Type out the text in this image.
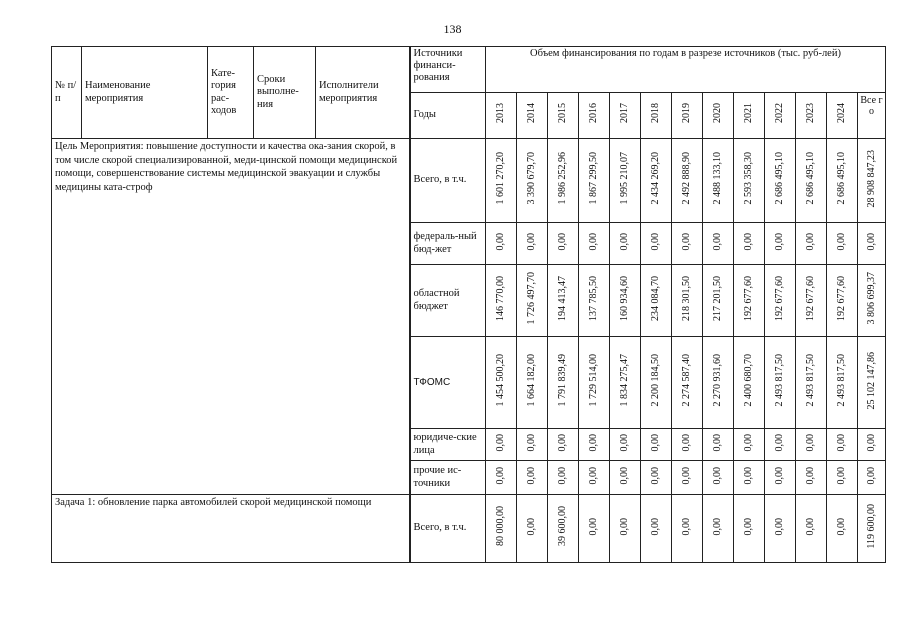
138
№ п/п	Наименование мероприятия	Кате-гория рас-ходов	Сроки выполне-ния	Исполнители мероприятия	Источники финанси-рования	Объем финансирования по годам в разрезе источников (тыс. руб-лей)												
					Годы	2013	2014	2015	2016	2017	2018	2019	2020	2021	2022	2023	2024	Все го
Цель Мероприятия: повышение доступности и качества ока-зания скорой, в том числе скорой специализированной, меди-цинской помощи медицинской помощи, совершенствование системы медицинской эвакуации и службы медицины ката-строф					Всего, в т.ч.	1 601 270,20	3 390 679,70	1 986 252,96	1 867 299,50	1 995 210,07	2 434 269,20	2 492 888,90	2 488 133,10	2 593 358,30	2 686 495,10	2 686 495,10	2 686 495,10	28 908 847,23
					федераль-ный бюд-жет	0,00	0,00	0,00	0,00	0,00	0,00	0,00	0,00	0,00	0,00	0,00	0,00	0,00
					областной бюджет	146 770,00	1 726 497,70	194 413,47	137 785,50	160 934,60	234 084,70	218 301,50	217 201,50	192 677,60	192 677,60	192 677,60	192 677,60	3 806 699,37
					ТФОМС	1 454 500,20	1 664 182,00	1 791 839,49	1 729 514,00	1 834 275,47	2 200 184,50	2 274 587,40	2 270 931,60	2 400 680,70	2 493 817,50	2 493 817,50	2 493 817,50	25 102 147,86
					юридиче-ские лица	0,00	0,00	0,00	0,00	0,00	0,00	0,00	0,00	0,00	0,00	0,00	0,00	0,00
					прочие ис-точники	0,00	0,00	0,00	0,00	0,00	0,00	0,00	0,00	0,00	0,00	0,00	0,00	0,00
Задача 1: обновление парка автомобилей скорой медицинской помощи					Всего, в т.ч.	80 000,00	0,00	39 600,00	0,00	0,00	0,00	0,00	0,00	0,00	0,00	0,00	0,00	119 600,00
